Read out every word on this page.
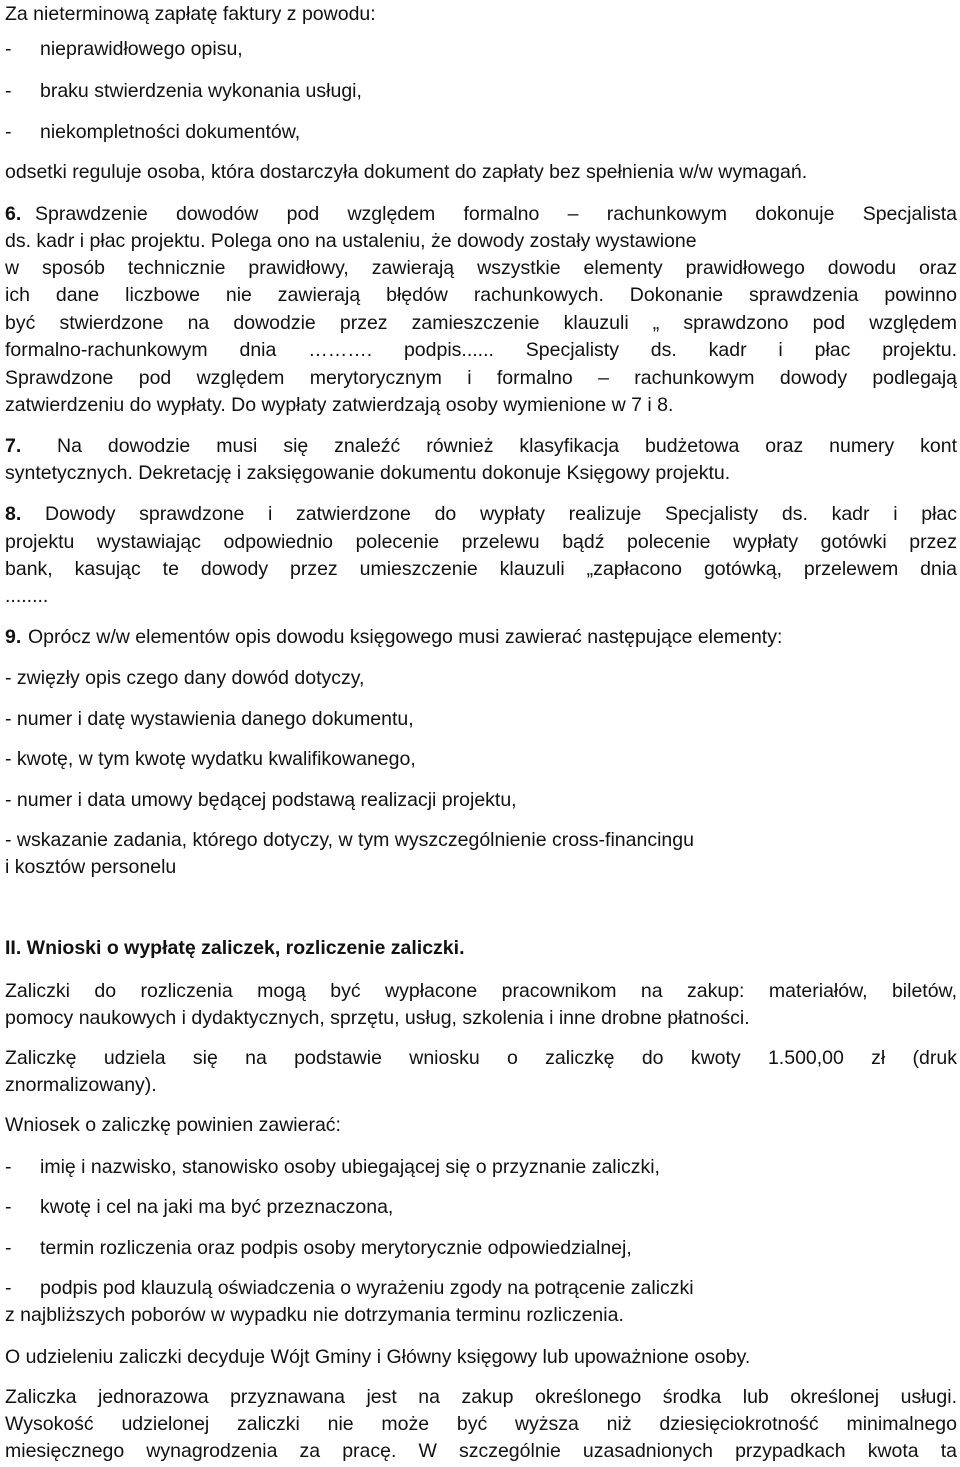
Za nieterminową zapłatę faktury z powodu:
- nieprawidłowego opisu,
- braku stwierdzenia wykonania usługi,
- niekompletności dokumentów,
odsetki reguluje osoba, która dostarczyła dokument do zapłaty bez spełnienia w/w wymagań.
6. Sprawdzenie dowodów pod względem formalno – rachunkowym dokonuje Specjalista
ds. kadr i płac projektu. Polega ono na ustaleniu, że dowody zostały wystawione
w sposób technicznie prawidłowy, zawierają wszystkie elementy prawidłowego dowodu oraz
ich dane liczbowe nie zawierają błędów rachunkowych. Dokonanie sprawdzenia powinno
być stwierdzone na dowodzie przez zamieszczenie klauzuli „ sprawdzono pod względem
formalno-rachunkowym dnia ………. podpis...... Specjalisty ds. kadr i płac projektu.
Sprawdzone pod względem merytorycznym i formalno – rachunkowym dowody podlegają
zatwierdzeniu do wypłaty. Do wypłaty zatwierdzają osoby wymienione w 7 i 8.
7. Na dowodzie musi się znaleźć również klasyfikacja budżetowa oraz numery kont
syntetycznych. Dekretację i zaksięgowanie dokumentu dokonuje Księgowy projektu.
8. Dowody sprawdzone i zatwierdzone do wypłaty realizuje Specjalisty ds. kadr i płac
projektu wystawiając odpowiednio polecenie przelewu bądź polecenie wypłaty gotówki przez
bank, kasując te dowody przez umieszczenie klauzuli „zapłacono gotówką, przelewem dnia
........
9. Oprócz w/w elementów opis dowodu księgowego musi zawierać następujące elementy:
- zwięzły opis czego dany dowód dotyczy,
- numer i datę wystawienia danego dokumentu,
- kwotę, w tym kwotę wydatku kwalifikowanego,
- numer i data umowy będącej podstawą realizacji projektu,
- wskazanie zadania, którego dotyczy, w tym wyszczególnienie cross-financingu
i kosztów personelu
II. Wnioski o wypłatę zaliczek, rozliczenie zaliczki.
Zaliczki do rozliczenia mogą być wypłacone pracownikom na zakup: materiałów, biletów,
pomocy naukowych i dydaktycznych, sprzętu, usług, szkolenia i inne drobne płatności.
Zaliczkę udziela się na podstawie wniosku o zaliczkę do kwoty 1.500,00 zł (druk
znormalizowany).
Wniosek o zaliczkę powinien zawierać:
- imię i nazwisko, stanowisko osoby ubiegającej się o przyznanie zaliczki,
- kwotę i cel na jaki ma być przeznaczona,
- termin rozliczenia oraz podpis osoby merytorycznie odpowiedzialnej,
- podpis pod klauzulą oświadczenia o wyrażeniu zgody na potrącenie zaliczki
z najbliższych poborów w wypadku nie dotrzymania terminu rozliczenia.
O udzieleniu zaliczki decyduje Wójt Gminy i Główny księgowy lub upoważnione osoby.
Zaliczka jednorazowa przyznawana jest na zakup określonego środka lub określonej usługi.
Wysokość udzielonej zaliczki nie może być wyższa niż dziesięciokrotność minimalnego
miesięcznego wynagrodzenia za pracę. W szczególnie uzasadnionych przypadkach kwota ta
